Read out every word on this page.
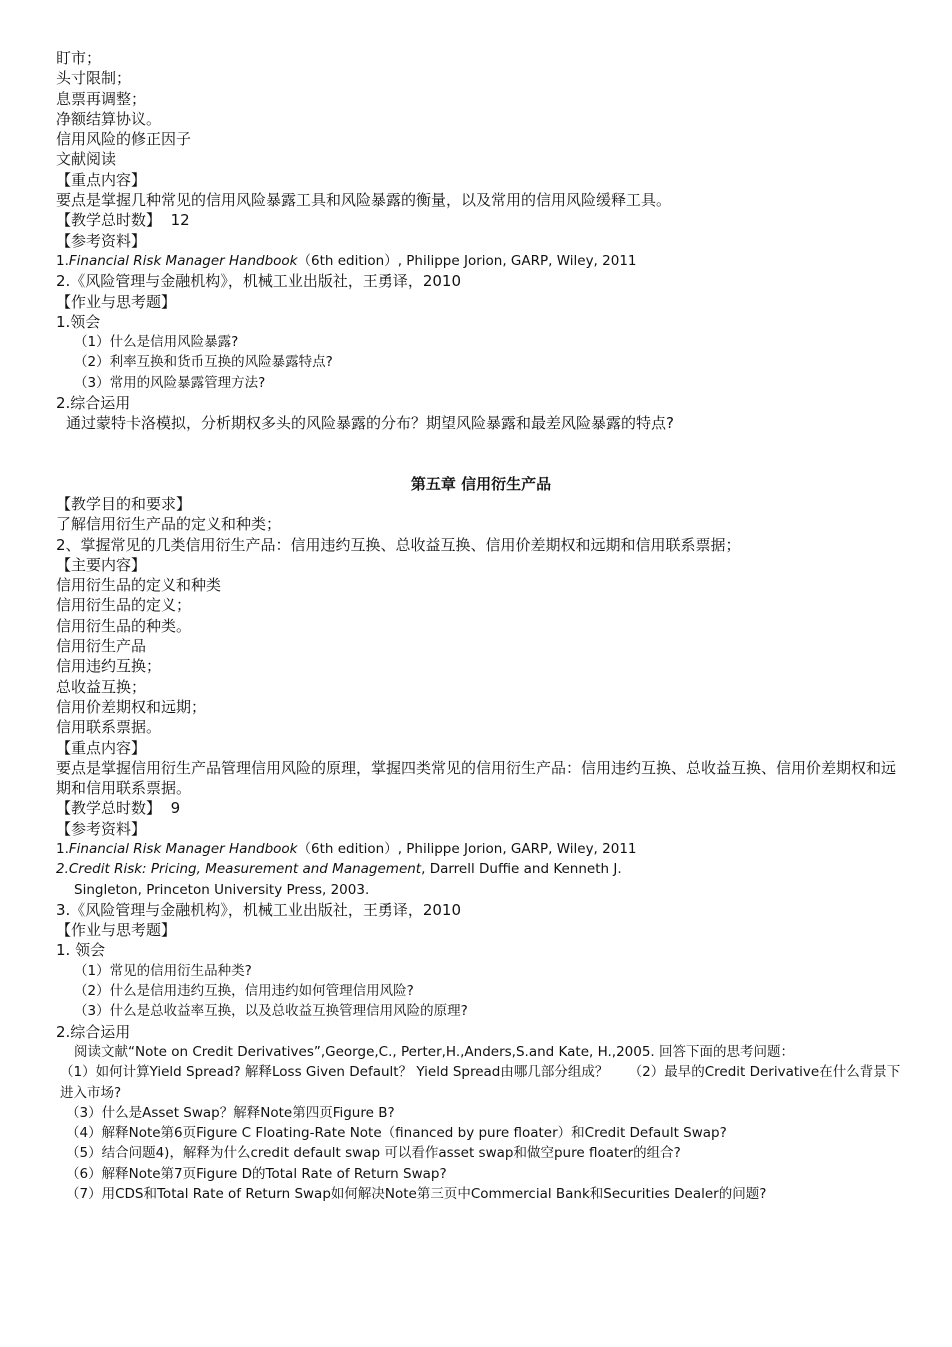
盯市；
头寸限制；
息票再调整；
净额结算协议。
信用风险的修正因子
文献阅读
【重点内容】
要点是掌握几种常见的信用风险暴露工具和风险暴露的衡量，以及常用的信用风险缓释工具。
【教学总时数】 12
【参考资料】
1.Financial Risk Manager Handbook（6th edition）, Philippe Jorion, GARP, Wiley, 2011
2.《风险管理与金融机构》，机械工业出版社，王勇译，2010
【作业与思考题】
1.领会
（1）什么是信用风险暴露?
（2）利率互换和货币互换的风险暴露特点?
（3）常用的风险暴露管理方法?
2.综合运用
通过蒙特卡洛模拟，分析期权多头的风险暴露的分布？期望风险暴露和最差风险暴露的特点?
第五章 信用衍生产品
【教学目的和要求】
了解信用衍生产品的定义和种类；
2、掌握常见的几类信用衍生产品：信用违约互换、总收益互换、信用价差期权和远期和信用联系票据；
【主要内容】
信用衍生品的定义和种类
信用衍生品的定义；
信用衍生品的种类。
信用衍生产品
信用违约互换；
总收益互换；
信用价差期权和远期；
信用联系票据。
【重点内容】
要点是掌握信用衍生产品管理信用风险的原理，掌握四类常见的信用衍生产品：信用违约互换、总收益互换、信用价差期权和远期和信用联系票据。
【教学总时数】 9
【参考资料】
1.Financial Risk Manager Handbook（6th edition）, Philippe Jorion, GARP, Wiley, 2011
2.Credit Risk: Pricing, Measurement and Management, Darrell Duffie and Kenneth J.
Singleton, Princeton University Press, 2003.
3.《风险管理与金融机构》，机械工业出版社，王勇译，2010
【作业与思考题】
1. 领会
（1）常见的信用衍生品种类?
（2）什么是信用违约互换，信用违约如何管理信用风险?
（3）什么是总收益率互换，以及总收益互换管理信用风险的原理?
2.综合运用
阅读文献“Note on Credit Derivatives”,George,C., Perter,H.,Anders,S.and Kate, H.,2005. 回答下面的思考问题：
（1）如何计算Yield Spread? 解释Loss Given Default？ Yield Spread由哪几部分组成？　　（2）最早的Credit Derivative在什么背景下进入市场?
（3）什么是Asset Swap？解释Note第四页Figure B?
（4）解释Note第6页Figure C Floating-Rate Note（financed by pure floater）和Credit Default Swap?
（5）结合问题4)，解释为什么credit default swap 可以看作asset swap和做空pure floater的组合?
（6）解释Note第7页Figure D的Total Rate of Return Swap?
（7）用CDS和Total Rate of Return Swap如何解决Note第三页中Commercial Bank和Securities Dealer的问题?
